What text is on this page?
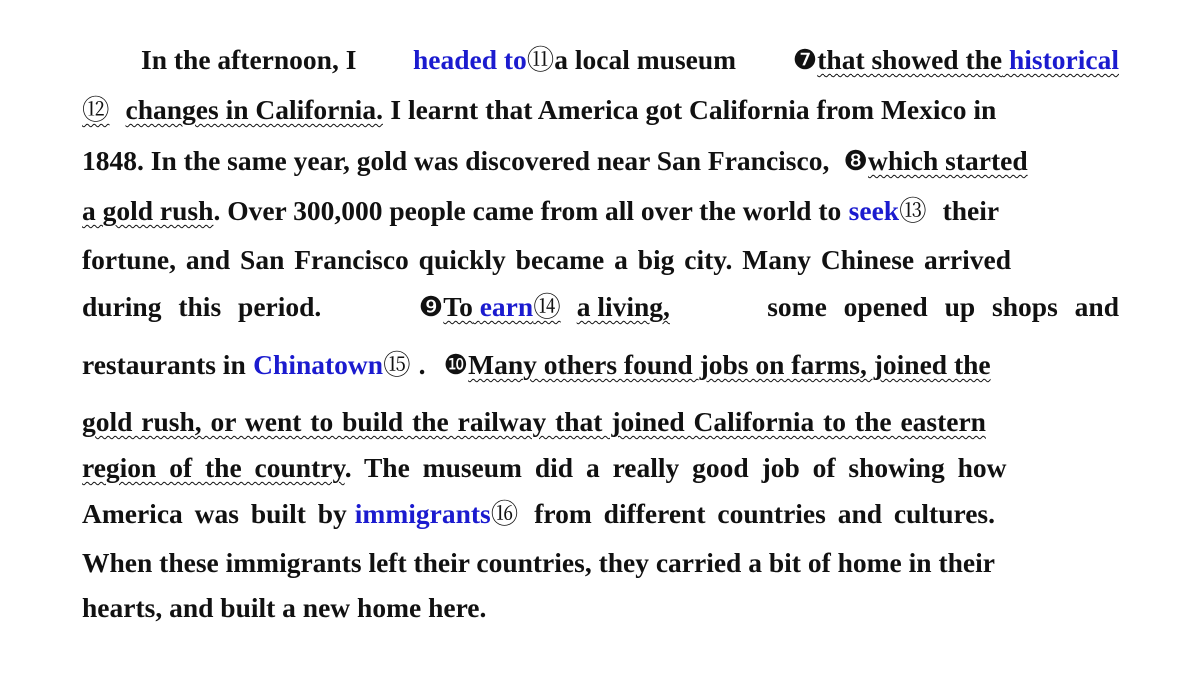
In the afternoon, I headed to⑪a local museum ❼that showed the historical
⑫ changes in California. I learnt that America got California from Mexico in
1848. In the same year, gold was discovered near San Francisco, ❽which started
a gold rush. Over 300,000 people came from all over the world to seek⑬ their
fortune, and San Francisco quickly became a big city. Many Chinese arrived
during this period.	❾To earn⑭ a living,	some opened up shops and
restaurants in Chinatown⑮ . ❿Many others found jobs on farms, joined the
gold rush, or went to build the railway that joined California to the eastern
region of the country. The museum did a really good job of showing how
America was built by immigrants⑯ from different countries and cultures.
When these immigrants left their countries, they carried a bit of home in their
hearts, and built a new home here.
